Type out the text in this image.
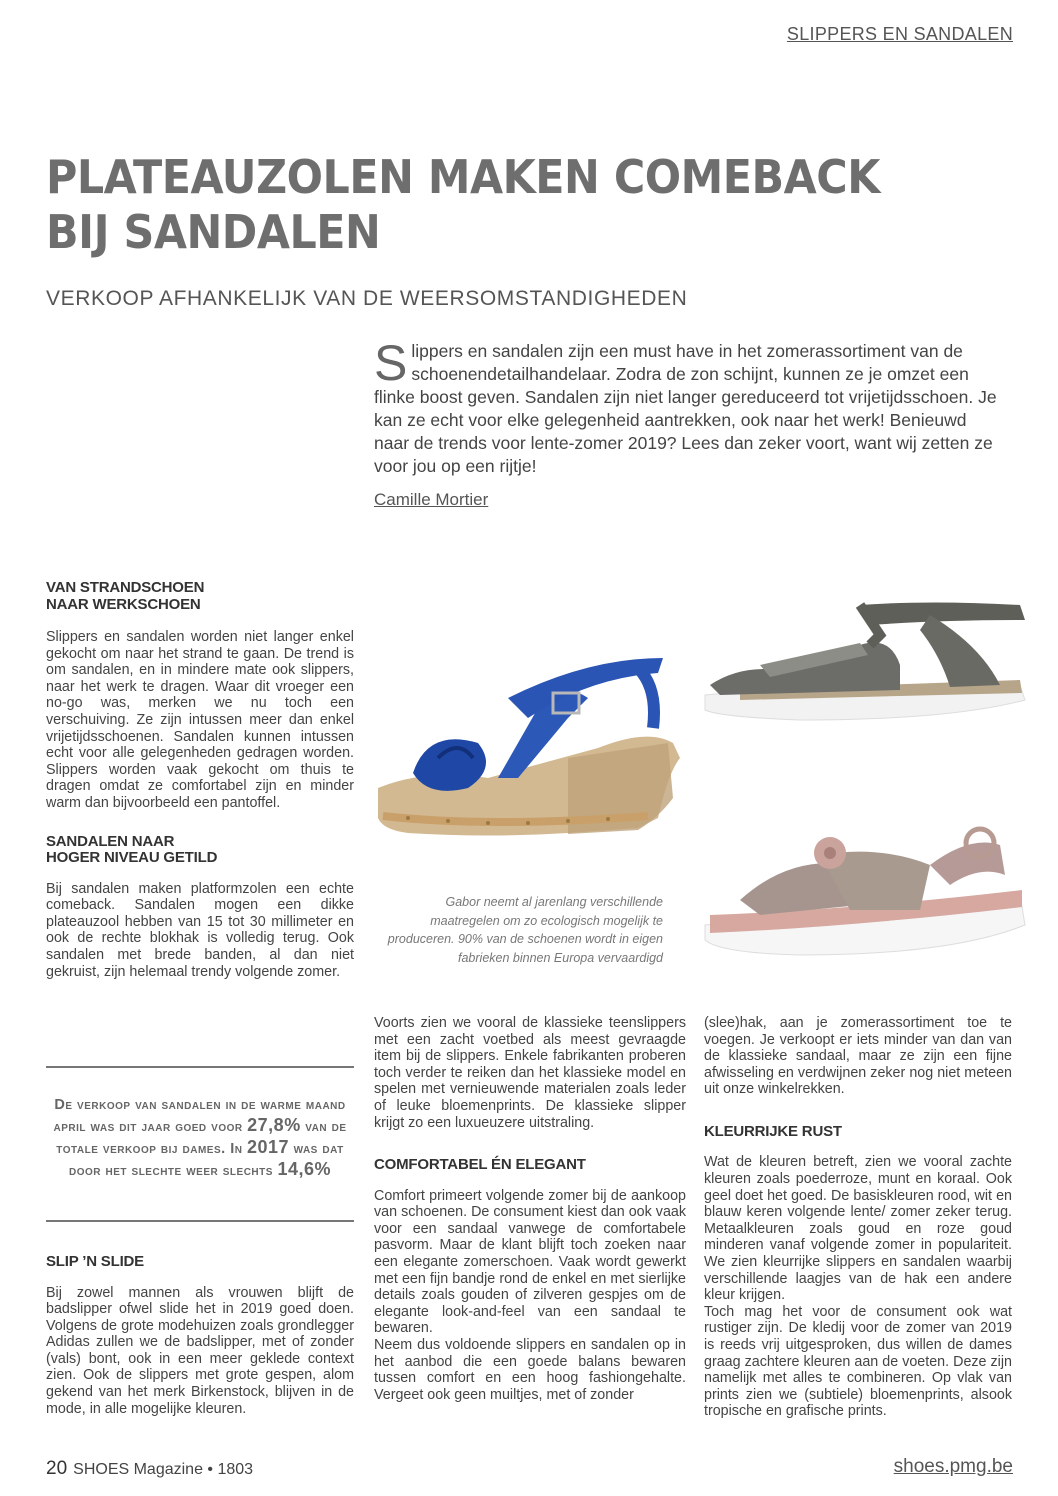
SLIPPERS EN SANDALEN
PLATEAUZOLEN MAKEN COMEBACK
BIJ SANDALEN
VERKOOP AFHANKELIJK VAN DE WEERSOMSTANDIGHEDEN
Slippers en sandalen zijn een must have in het zomerassortiment van de schoenendetailhandelaar. Zodra de zon schijnt, kunnen ze je omzet een flinke boost geven. Sandalen zijn niet langer gereduceerd tot vrijetijdsschoen. Je kan ze echt voor elke gelegenheid aantrekken, ook naar het werk! Benieuwd naar de trends voor lente-zomer 2019? Lees dan zeker voort, want wij zetten ze voor jou op een rijtje!
Camille Mortier
VAN STRANDSCHOEN
NAAR WERKSCHOEN

Slippers en sandalen worden niet langer enkel gekocht om naar het strand te gaan. De trend is om sandalen, en in mindere mate ook slippers, naar het werk te dragen. Waar dit vroeger een no-go was, merken we nu toch een verschuiving. Ze zijn intussen meer dan enkel vrijetijdsschoenen. Sandalen kunnen intussen echt voor alle gelegenheden gedragen worden. Slippers worden vaak gekocht om thuis te dragen omdat ze comfortabel zijn en minder warm dan bijvoorbeeld een pantoffel.

SANDALEN NAAR
HOGER NIVEAU GETILD

Bij sandalen maken platformzolen een echte comeback. Sandalen mogen een dikke plateauzool hebben van 15 tot 30 millimeter en ook de rechte blokhak is volledig terug. Ook sandalen met brede banden, al dan niet gekruist, zijn helemaal trendy volgende zomer.

De verkoop van sandalen in de warme maand april was dit jaar goed voor 27,8% van de totale verkoop bij dames. In 2017 was dat door het slechte weer slechts 14,6%
SLIP ’N SLIDE

Bij zowel mannen als vrouwen blijft de badslipper ofwel slide het in 2019 goed doen. Volgens de grote modehuizen zoals grondlegger Adidas zullen we de badslipper, met of zonder (vals) bont, ook in een meer geklede context zien. Ook de slippers met grote gespen, alom gekend van het merk Birkenstock, blijven in de mode, in alle mogelijke kleuren.

Gabor neemt al jarenlang verschillende maatregelen om zo ecologisch mogelijk te produceren. 90% van de schoenen wordt in eigen fabrieken binnen Europa vervaardigd

Voorts zien we vooral de klassieke teenslippers met een zacht voetbed als meest gevraagde item bij de slippers. Enkele fabrikanten proberen toch verder te reiken dan het klassieke model en spelen met vernieuwende materialen zoals leder of leuke bloemenprints. De klassieke slipper krijgt zo een luxueuzere uitstraling.

COMFORTABEL ÉN ELEGANT

Comfort primeert volgende zomer bij de aankoop van schoenen. De consument kiest dan ook vaak voor een sandaal vanwege de comfortabele pasvorm. Maar de klant blijft toch zoeken naar een elegante zomerschoen. Vaak wordt gewerkt met een fijn bandje rond de enkel en met sierlijke details zoals gouden of zilveren gespjes om de elegante look-and-feel van een sandaal te bewaren.

Neem dus voldoende slippers en sandalen op in het aanbod die een goede balans bewaren tussen comfort en een hoog fashiongehalte. Vergeet ook geen muiltjes, met of zonder

(slee)hak, aan je zomerassortiment toe te voegen. Je verkoopt er iets minder van dan van de klassieke sandaal, maar ze zijn een fijne afwisseling en verdwijnen zeker nog niet meteen uit onze winkelrekken.

KLEURRIJKE RUST

Wat de kleuren betreft, zien we vooral zachte kleuren zoals poederroze, munt en koraal. Ook geel doet het goed. De basiskleuren rood, wit en blauw keren volgende lente/ zomer zeker terug. Metaalkleuren zoals goud en roze goud minderen vanaf volgende zomer in populariteit. We zien kleurrijke slippers en sandalen waarbij verschillende laagjes van de hak een andere kleur krijgen.

Toch mag het voor de consument ook wat rustiger zijn. De kledij voor de zomer van 2019 is reeds vrij uitgesproken, dus willen de dames graag zachtere kleuren aan de voeten. Deze zijn namelijk met alles te combineren. Op vlak van prints zien we (subtiele) bloemenprints, alsook tropische en grafische prints.

20 SHOES Magazine • 1803	shoes.pmg.be
